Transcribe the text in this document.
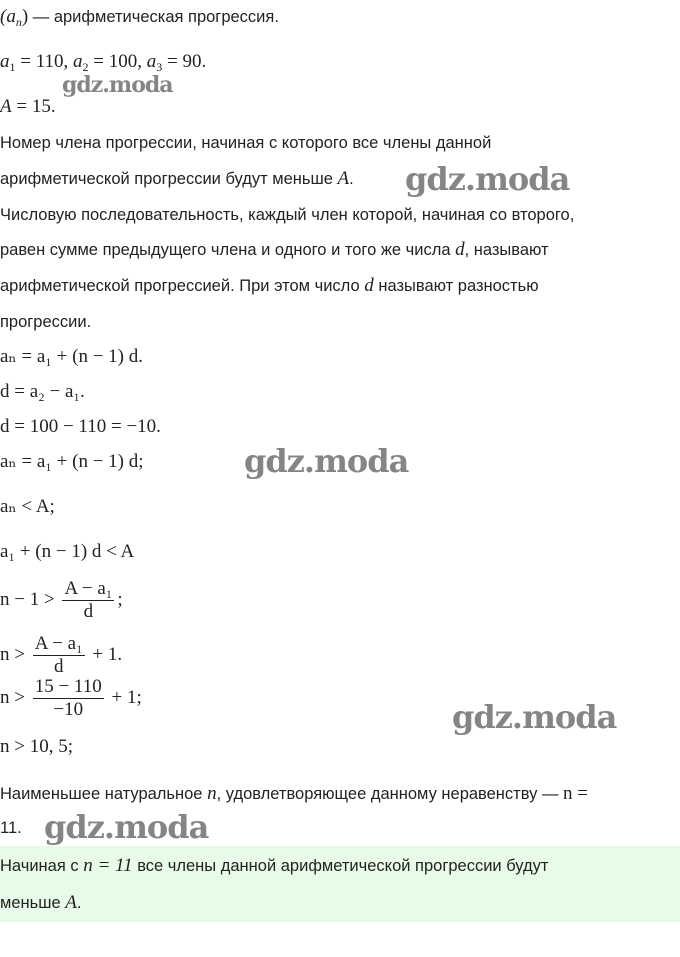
$(a_n)$ — арифметическая прогрессия.
$a_1 = 110$, $a_2 = 100$, $a_3 = 90$.
A = 15.
Номер члена прогрессии, начиная с которого все члены данной
арифметической прогрессии будут меньше A.
Числовую последовательность, каждый член которой, начиная со второго,
равен сумме предыдущего члена и одного и того же числа d, называют
арифметической прогрессией. При этом число d называют разностью
прогрессии.
aₙ = a₁ + (n − 1) d.
d = a₂ − a₁.
d = 100 − 110 = −10.
aₙ = a₁ + (n − 1) d;
aₙ < A;
a₁ + (n − 1) d < A
$n - 1 > \frac{\text{A − a₁}}{d}$ ;
$n > \frac{\text{A − a₁}}{d} + 1$.
$n > \frac{15 - 110}{-10} + 1$;
n > 10, 5;
Наименьшее натуральное n, удовлетворяющее данному неравенству — n =
11.
Начиная с n = 11 все члены данной арифметической прогрессии будут
меньше A.
gdz.moda
gdz.moda
gdz.moda
gdz.moda
gdz.moda
